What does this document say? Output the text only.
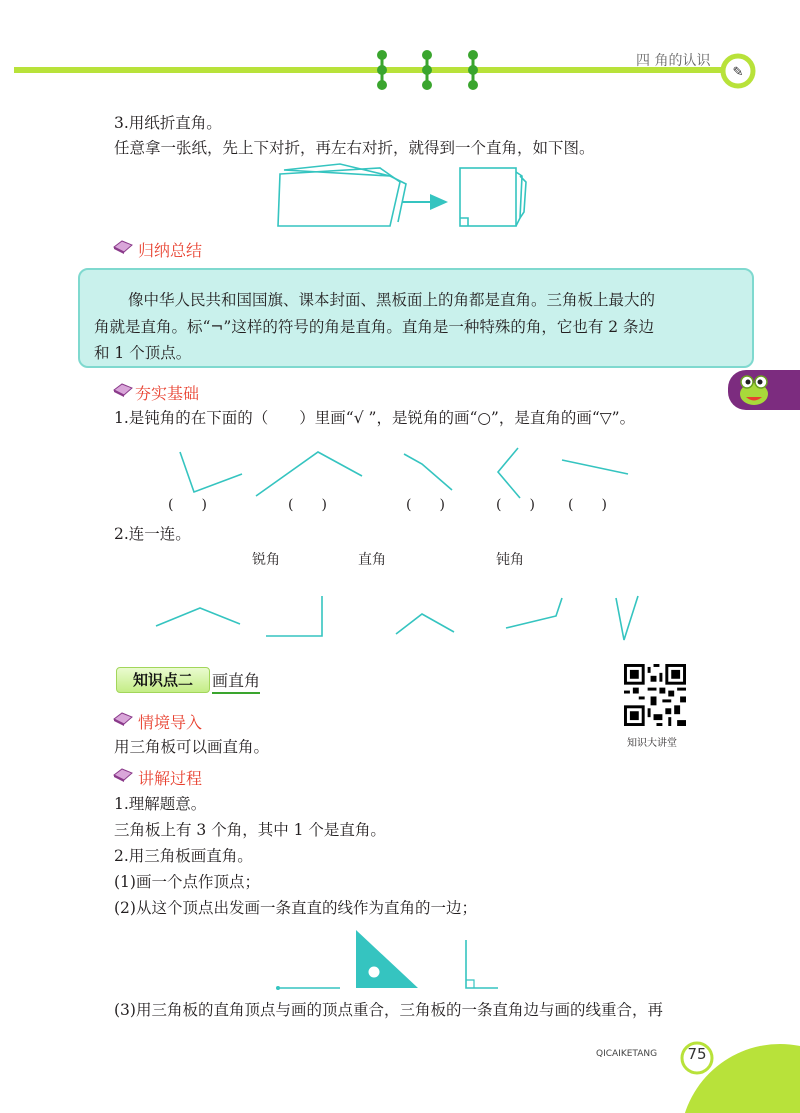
✎
四 角的认识
3.用纸折直角。
任意拿一张纸，先上下对折，再左右对折，就得到一个直角，如下图。
归纳总结
像中华人民共和国国旗、课本封面、黑板面上的角都是直角。三角板上最大的
角就是直角。标“¬”这样的符号的角是直角。直角是一种特殊的角，它也有 2 条边
和 1 个顶点。
夯实基础
1.是钝角的在下面的（　　）里画“√ ”，是锐角的画“○”，是直角的画“▽”。
(　　)	(　　)	(　　)	(　　) (　　)
2.连一连。
锐角	直角	钝角
知识点二	画直角
知识大讲堂
情境导入
用三角板可以画直角。
讲解过程
1.理解题意。
三角板上有 3 个角，其中 1 个是直角。
2.用三角板画直角。
(1)画一个点作顶点；
(2)从这个顶点出发画一条直直的线作为直角的一边；
(3)用三角板的直角顶点与画的顶点重合，三角板的一条直角边与画的线重合，再
QICAIKETANG 75
